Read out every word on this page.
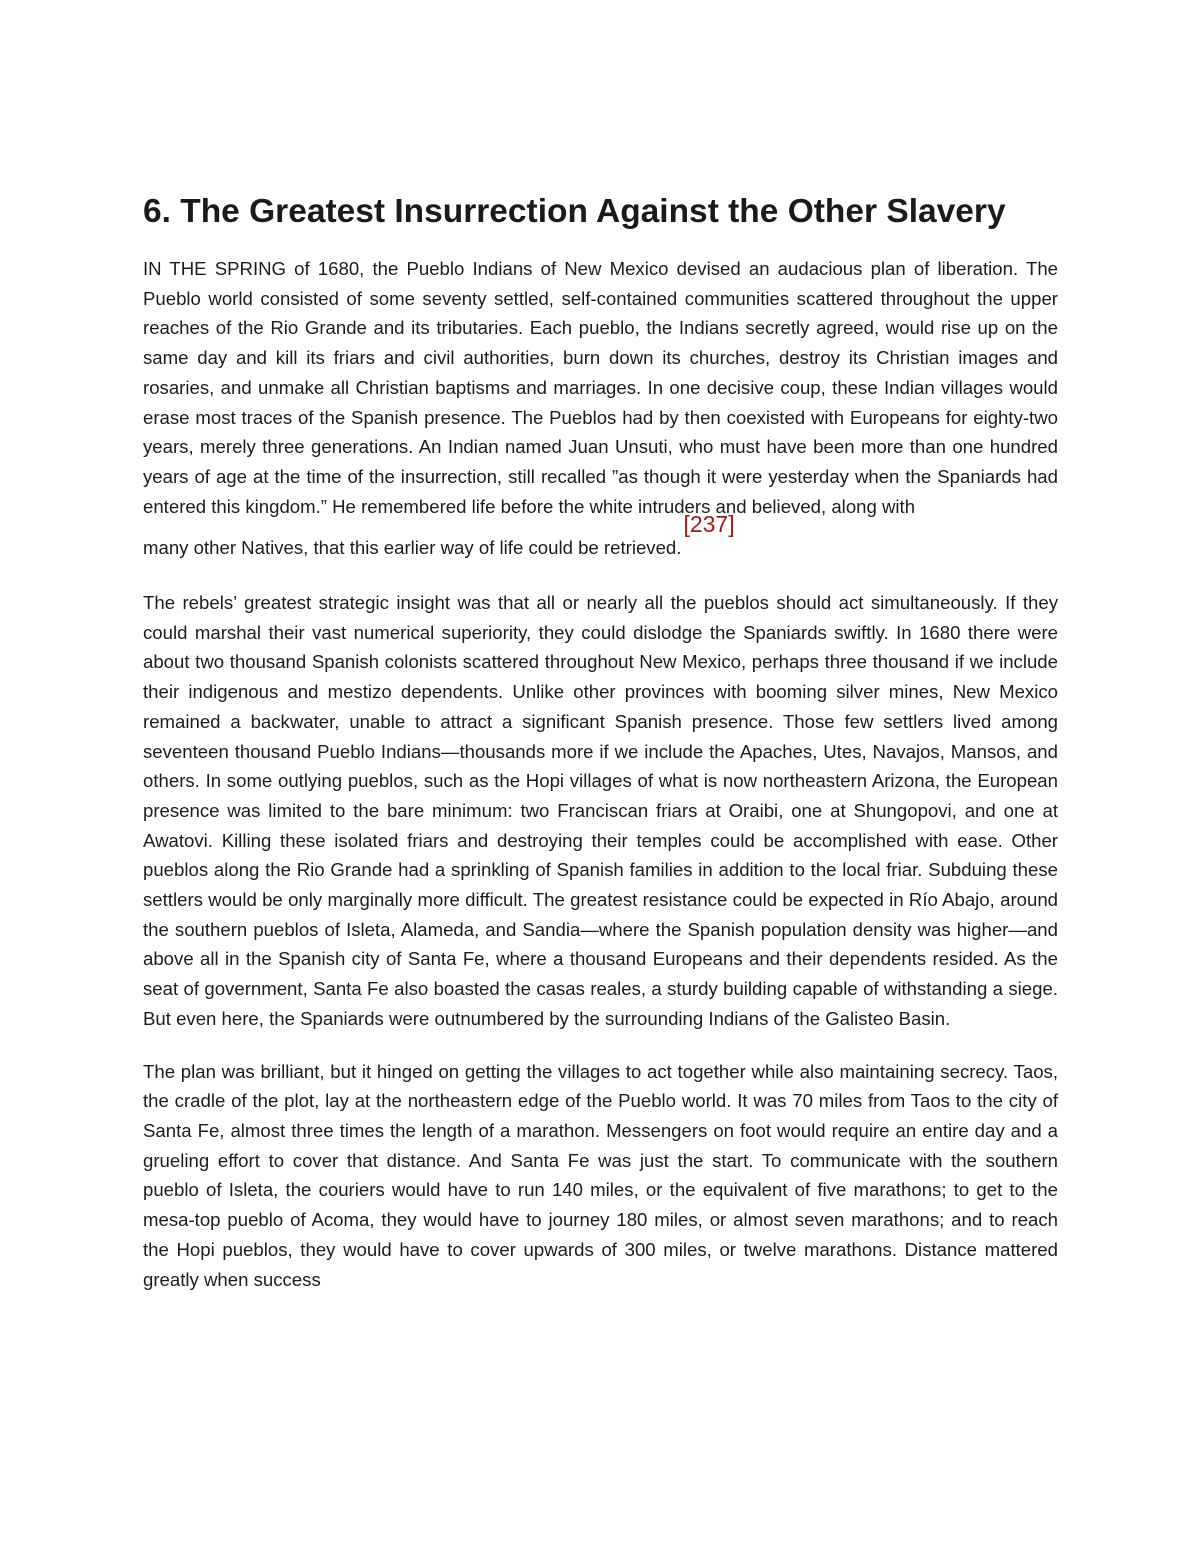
6. The Greatest Insurrection Against the Other Slavery

IN THE SPRING of 1680, the Pueblo Indians of New Mexico devised an audacious plan of liberation. The Pueblo world consisted of some seventy settled, self-contained communities scattered throughout the upper reaches of the Rio Grande and its tributaries. Each pueblo, the Indians secretly agreed, would rise up on the same day and kill its friars and civil authorities, burn down its churches, destroy its Christian images and rosaries, and unmake all Christian baptisms and marriages. In one decisive coup, these Indian villages would erase most traces of the Spanish presence. The Pueblos had by then coexisted with Europeans for eighty-two years, merely three generations. An Indian named Juan Unsuti, who must have been more than one hundred years of age at the time of the insurrection, still recalled ”as though it were yesterday when the Spaniards had entered this kingdom.” He remembered life before the white intruders and believed, along with

many other Natives, that this earlier way of life could be retrieved.[237]

The rebels’ greatest strategic insight was that all or nearly all the pueblos should act simultaneously. If they could marshal their vast numerical superiority, they could dislodge the Spaniards swiftly. In 1680 there were about two thousand Spanish colonists scattered throughout New Mexico, perhaps three thousand if we include their indigenous and mestizo dependents. Unlike other provinces with booming silver mines, New Mexico remained a backwater, unable to attract a significant Spanish presence. Those few settlers lived among seventeen thousand Pueblo Indians—thousands more if we include the Apaches, Utes, Navajos, Mansos, and others. In some outlying pueblos, such as the Hopi villages of what is now northeastern Arizona, the European presence was limited to the bare minimum: two Franciscan friars at Oraibi, one at Shungopovi, and one at Awatovi. Killing these isolated friars and destroying their temples could be accomplished with ease. Other pueblos along the Rio Grande had a sprinkling of Spanish families in addition to the local friar. Subduing these settlers would be only marginally more difficult. The greatest resistance could be expected in Río Abajo, around the southern pueblos of Isleta, Alameda, and Sandia—where the Spanish population density was higher—and above all in the Spanish city of Santa Fe, where a thousand Europeans and their dependents resided. As the seat of government, Santa Fe also boasted the casas reales, a sturdy building capable of withstanding a siege. But even here, the Spaniards were outnumbered by the surrounding Indians of the Galisteo Basin.

The plan was brilliant, but it hinged on getting the villages to act together while also maintaining secrecy. Taos, the cradle of the plot, lay at the northeastern edge of the Pueblo world. It was 70 miles from Taos to the city of Santa Fe, almost three times the length of a marathon. Messengers on foot would require an entire day and a grueling effort to cover that distance. And Santa Fe was just the start. To communicate with the southern pueblo of Isleta, the couriers would have to run 140 miles, or the equivalent of five marathons; to get to the mesa-top pueblo of Acoma, they would have to journey 180 miles, or almost seven marathons; and to reach the Hopi pueblos, they would have to cover upwards of 300 miles, or twelve marathons. Distance mattered greatly when success
